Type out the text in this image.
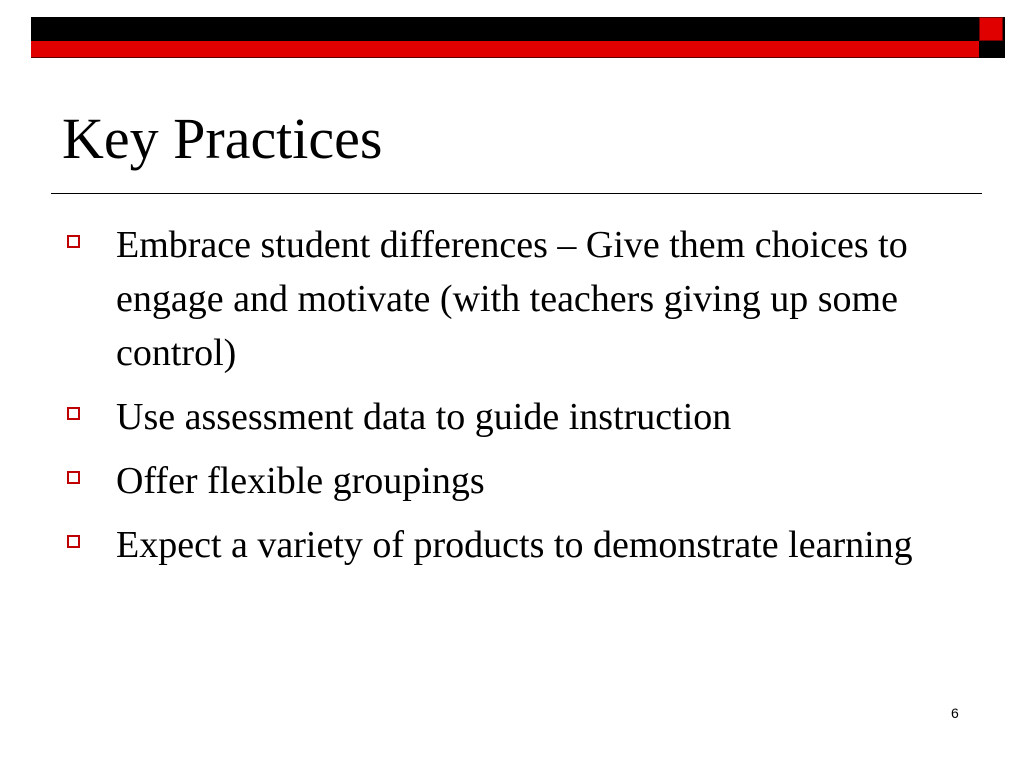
Key Practices
Embrace student differences – Give them choices to engage and motivate (with teachers giving up some control)
Use assessment data to guide instruction
Offer flexible groupings
Expect a variety of products to demonstrate learning
6
